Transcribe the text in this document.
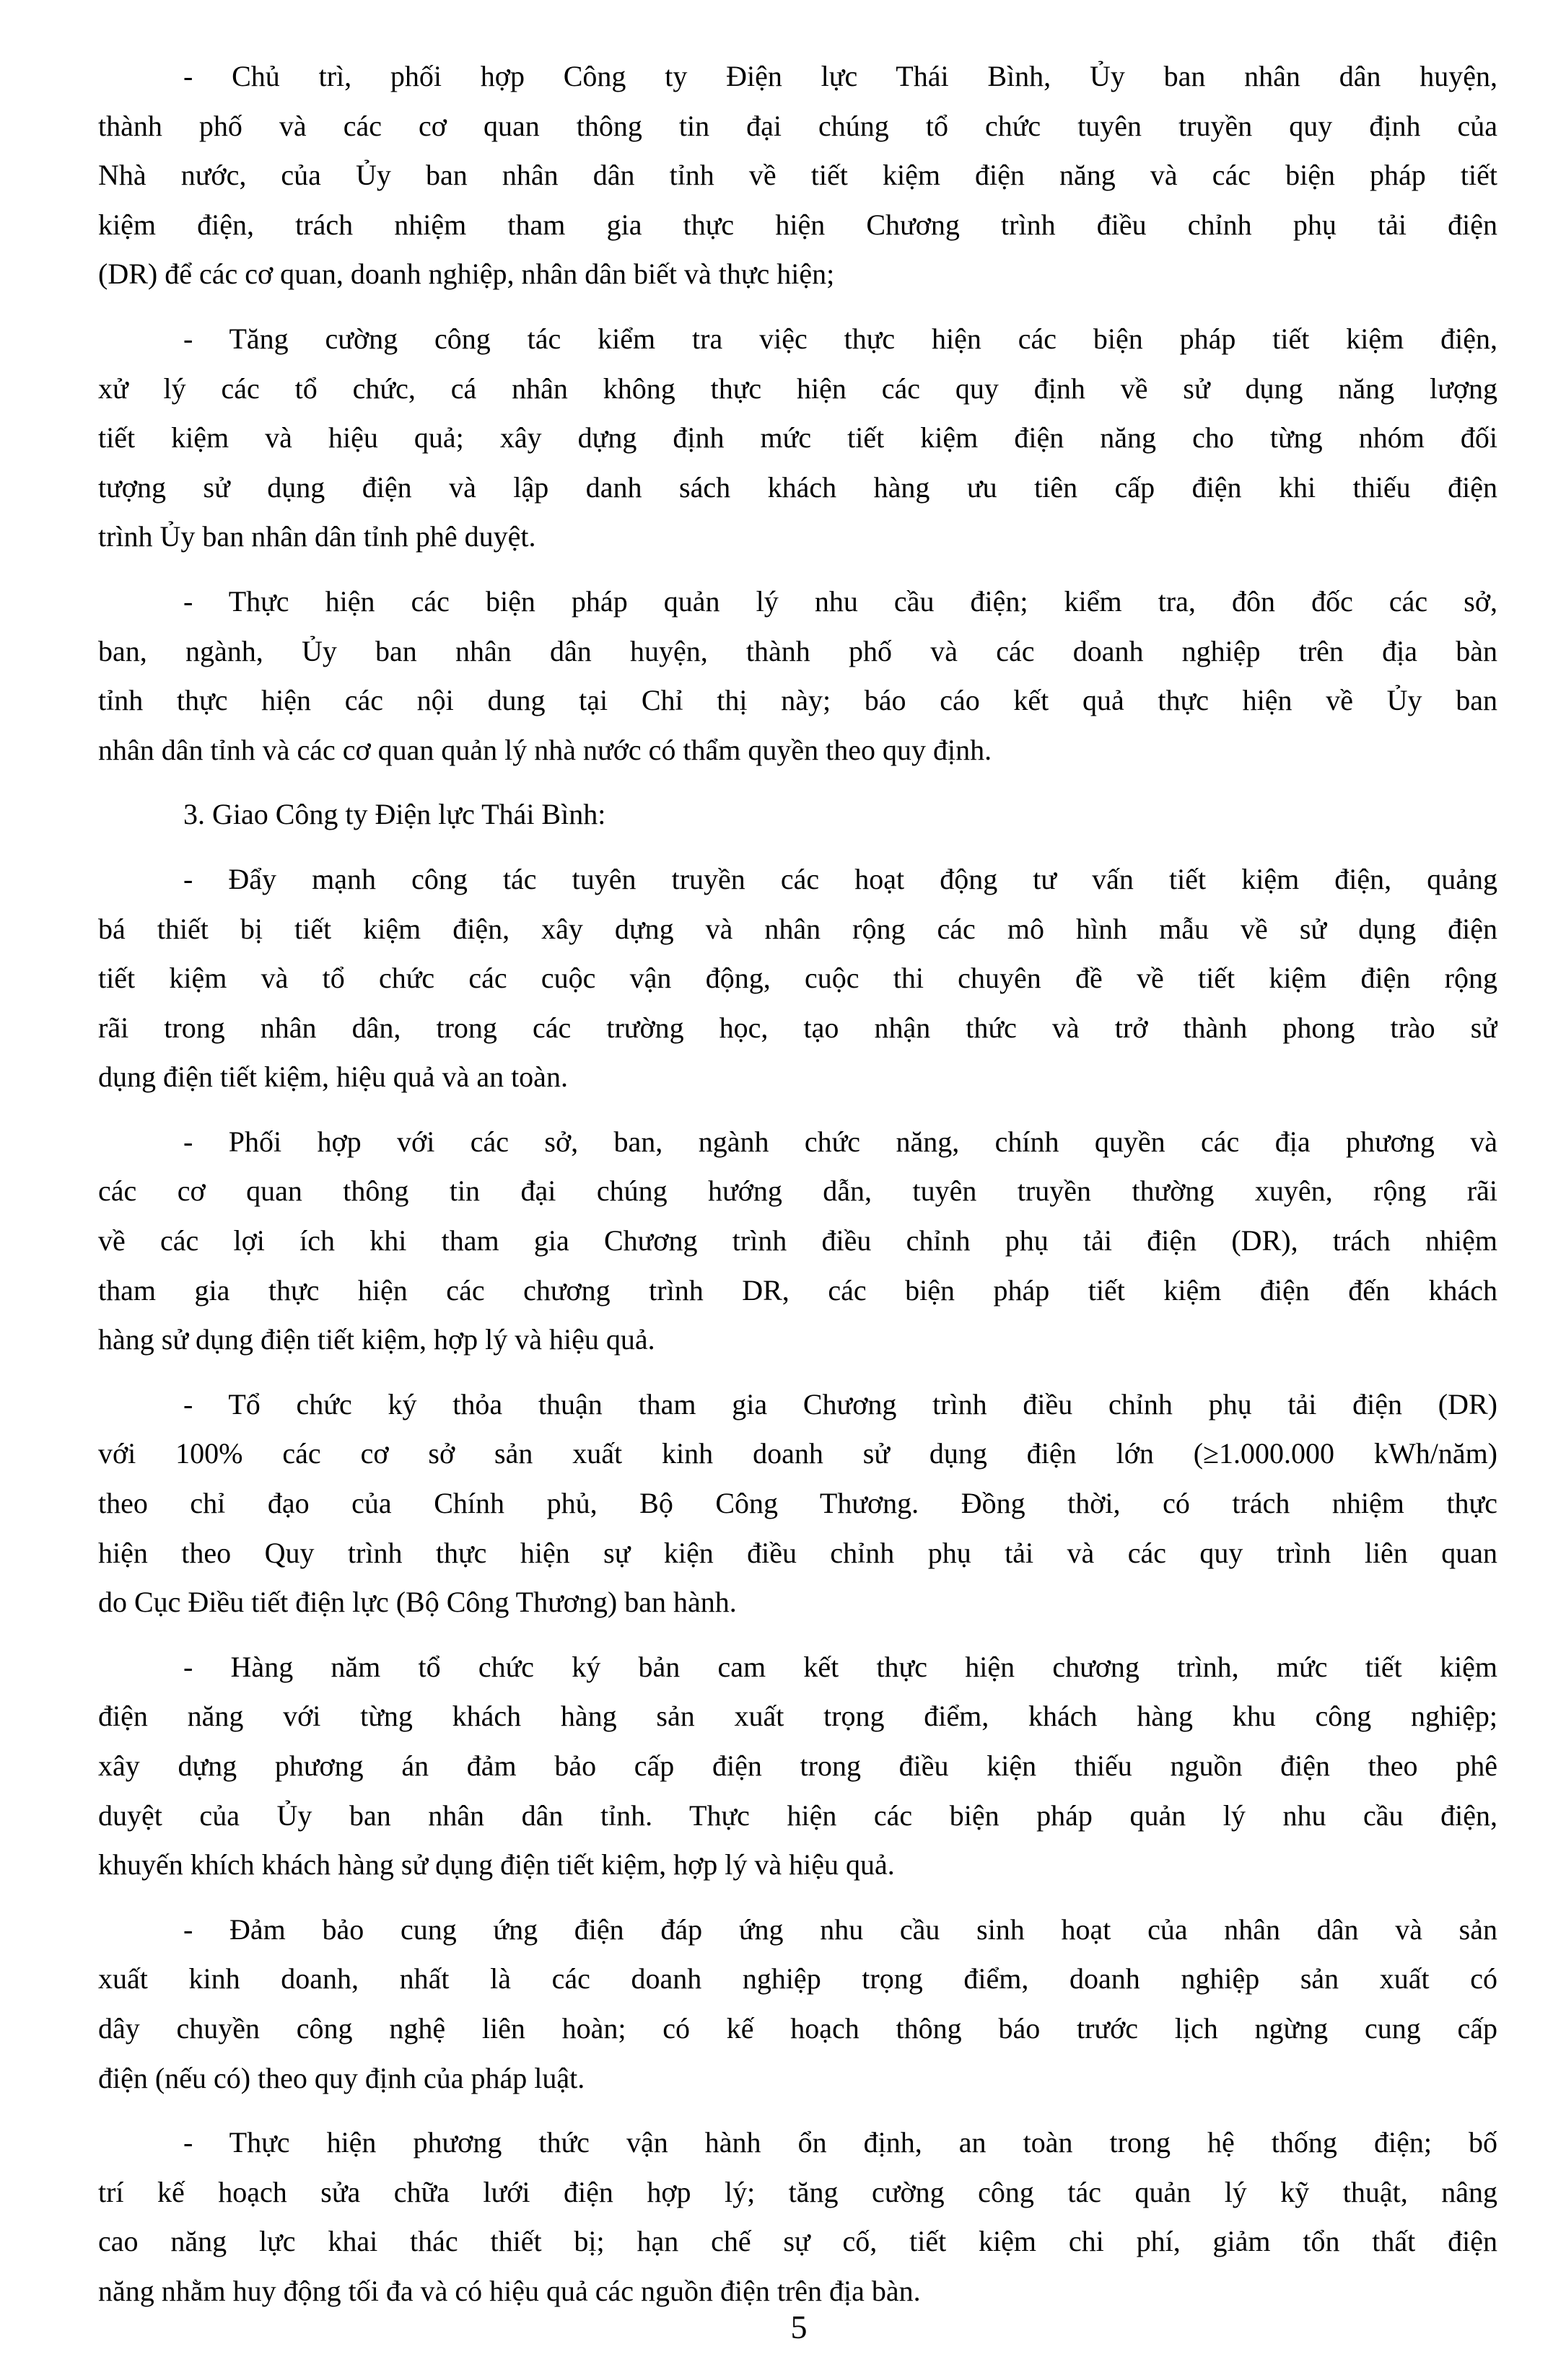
- Chủ trì, phối hợp Công ty Điện lực Thái Bình, Ủy ban nhân dân huyện,
thành phố và các cơ quan thông tin đại chúng tổ chức tuyên truyền quy định của
Nhà nước, của Ủy ban nhân dân tỉnh về tiết kiệm điện năng và các biện pháp tiết
kiệm điện, trách nhiệm tham gia thực hiện Chương trình điều chỉnh phụ tải điện
(DR) để các cơ quan, doanh nghiệp, nhân dân biết và thực hiện;
- Tăng cường công tác kiểm tra việc thực hiện các biện pháp tiết kiệm điện,
xử lý các tổ chức, cá nhân không thực hiện các quy định về sử dụng năng lượng
tiết kiệm và hiệu quả; xây dựng định mức tiết kiệm điện năng cho từng nhóm đối
tượng sử dụng điện và lập danh sách khách hàng ưu tiên cấp điện khi thiếu điện
trình Ủy ban nhân dân tỉnh phê duyệt.
- Thực hiện các biện pháp quản lý nhu cầu điện; kiểm tra, đôn đốc các sở,
ban, ngành, Ủy ban nhân dân huyện, thành phố và các doanh nghiệp trên địa bàn
tỉnh thực hiện các nội dung tại Chỉ thị này; báo cáo kết quả thực hiện về Ủy ban
nhân dân tỉnh và các cơ quan quản lý nhà nước có thẩm quyền theo quy định.
3. Giao Công ty Điện lực Thái Bình:
- Đẩy mạnh công tác tuyên truyền các hoạt động tư vấn tiết kiệm điện, quảng
bá thiết bị tiết kiệm điện, xây dựng và nhân rộng các mô hình mẫu về sử dụng điện
tiết kiệm và tổ chức các cuộc vận động, cuộc thi chuyên đề về tiết kiệm điện rộng
rãi trong nhân dân, trong các trường học, tạo nhận thức và trở thành phong trào sử
dụng điện tiết kiệm, hiệu quả và an toàn.
- Phối hợp với các sở, ban, ngành chức năng, chính quyền các địa phương và
các cơ quan thông tin đại chúng hướng dẫn, tuyên truyền thường xuyên, rộng rãi
về các lợi ích khi tham gia Chương trình điều chỉnh phụ tải điện (DR), trách nhiệm
tham gia thực hiện các chương trình DR, các biện pháp tiết kiệm điện đến khách
hàng sử dụng điện tiết kiệm, hợp lý và hiệu quả.
- Tổ chức ký thỏa thuận tham gia Chương trình điều chỉnh phụ tải điện (DR)
với 100% các cơ sở sản xuất kinh doanh sử dụng điện lớn (≥1.000.000 kWh/năm)
theo chỉ đạo của Chính phủ, Bộ Công Thương. Đồng thời, có trách nhiệm thực
hiện theo Quy trình thực hiện sự kiện điều chỉnh phụ tải và các quy trình liên quan
do Cục Điều tiết điện lực (Bộ Công Thương) ban hành.
- Hàng năm tổ chức ký bản cam kết thực hiện chương trình, mức tiết kiệm
điện năng với từng khách hàng sản xuất trọng điểm, khách hàng khu công nghiệp;
xây dựng phương án đảm bảo cấp điện trong điều kiện thiếu nguồn điện theo phê
duyệt của Ủy ban nhân dân tỉnh. Thực hiện các biện pháp quản lý nhu cầu điện,
khuyến khích khách hàng sử dụng điện tiết kiệm, hợp lý và hiệu quả.
- Đảm bảo cung ứng điện đáp ứng nhu cầu sinh hoạt của nhân dân và sản
xuất kinh doanh, nhất là các doanh nghiệp trọng điểm, doanh nghiệp sản xuất có
dây chuyền công nghệ liên hoàn; có kế hoạch thông báo trước lịch ngừng cung cấp
điện (nếu có) theo quy định của pháp luật.
- Thực hiện phương thức vận hành ổn định, an toàn trong hệ thống điện; bố
trí kế hoạch sửa chữa lưới điện hợp lý; tăng cường công tác quản lý kỹ thuật, nâng
cao năng lực khai thác thiết bị; hạn chế sự cố, tiết kiệm chi phí, giảm tổn thất điện
năng nhằm huy động tối đa và có hiệu quả các nguồn điện trên địa bàn.
5
